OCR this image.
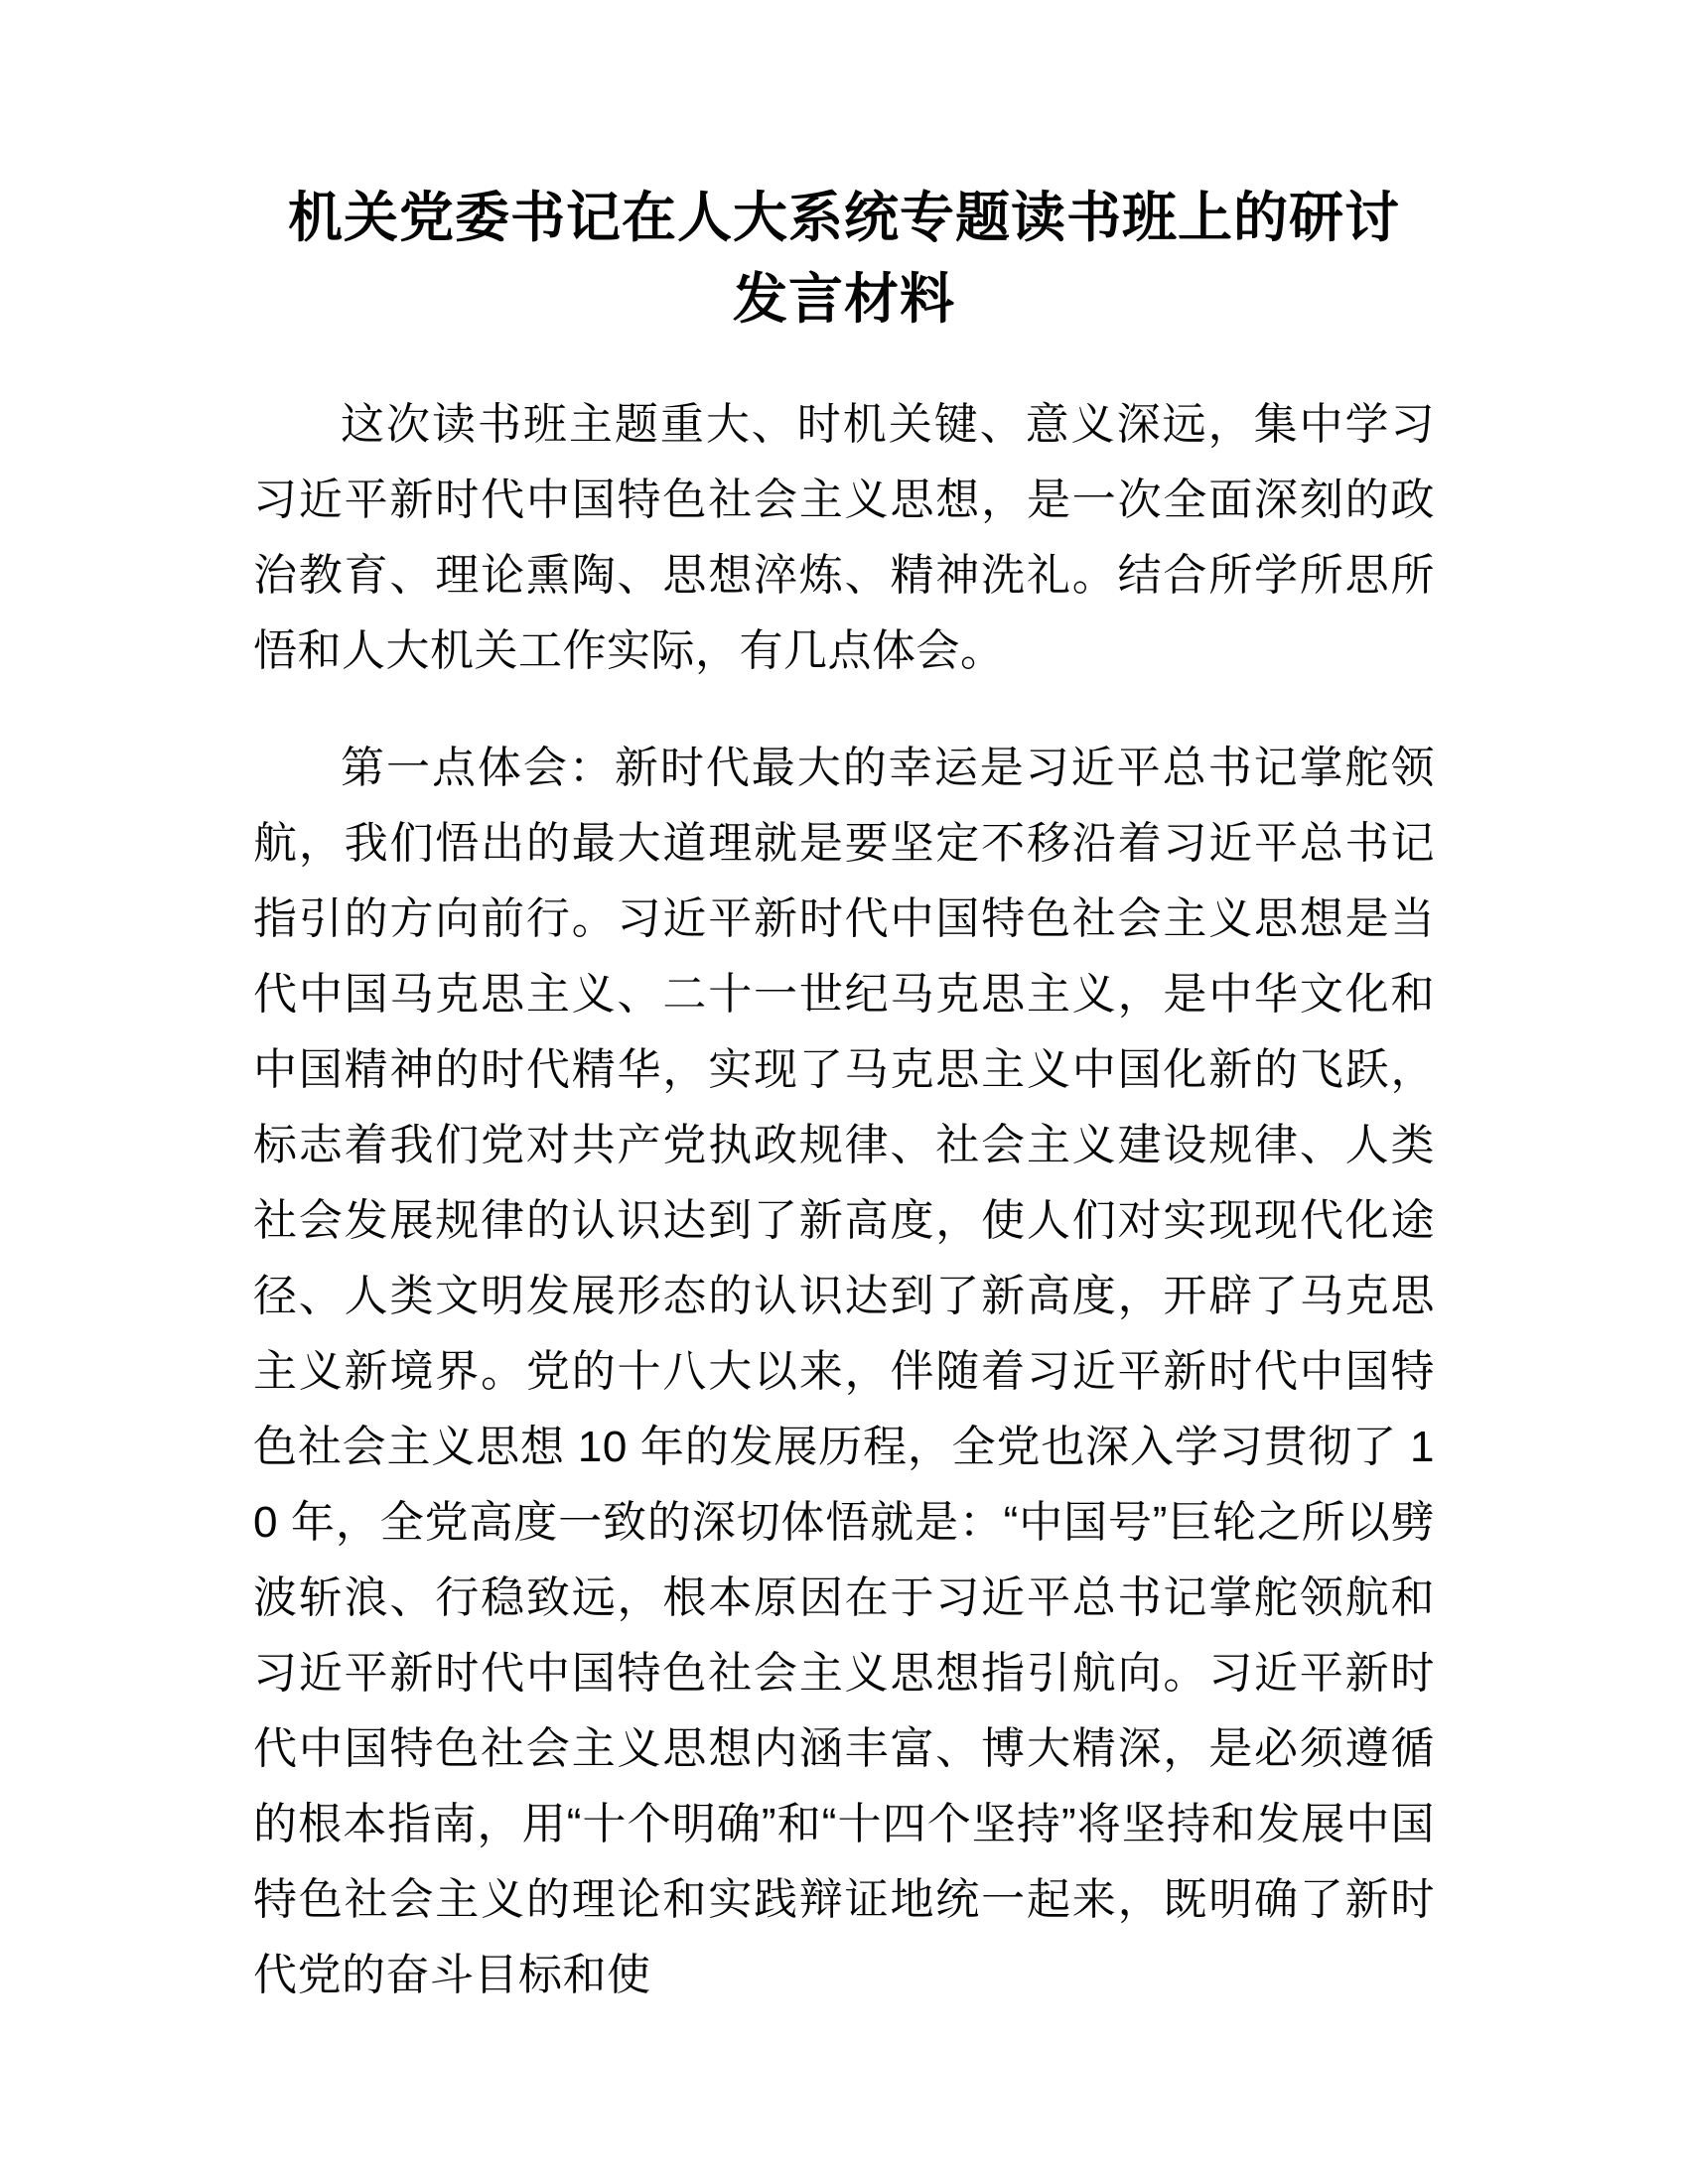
机关党委书记在人大系统专题读书班上的研讨发言材料

这次读书班主题重大、时机关键、意义深远，集中学习习近平新时代中国特色社会主义思想，是一次全面深刻的政治教育、理论熏陶、思想淬炼、精神洗礼。结合所学所思所悟和人大机关工作实际，有几点体会。

第一点体会：新时代最大的幸运是习近平总书记掌舵领航，我们悟出的最大道理就是要坚定不移沿着习近平总书记指引的方向前行。习近平新时代中国特色社会主义思想是当代中国马克思主义、二十一世纪马克思主义，是中华文化和中国精神的时代精华，实现了马克思主义中国化新的飞跃，标志着我们党对共产党执政规律、社会主义建设规律、人类社会发展规律的认识达到了新高度，使人们对实现现代化途径、人类文明发展形态的认识达到了新高度，开辟了马克思主义新境界。党的十八大以来，伴随着习近平新时代中国特色社会主义思想 10 年的发展历程，全党也深入学习贯彻了 10 年，全党高度一致的深切体悟就是：“中国号”巨轮之所以劈波斩浪、行稳致远，根本原因在于习近平总书记掌舵领航和习近平新时代中国特色社会主义思想指引航向。习近平新时代中国特色社会主义思想内涵丰富、博大精深，是必须遵循的根本指南，用“十个明确”和“十四个坚持”将坚持和发展中国特色社会主义的理论和实践辩证地统一起来，既明确了新时代党的奋斗目标和使
